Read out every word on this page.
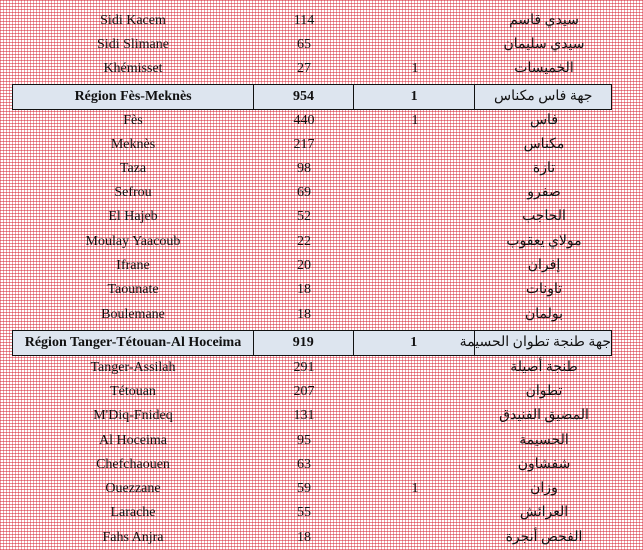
Sidi Kacem	114	سيدي قاسم
Sidi Slimane	65	سيدي سليمان
Khémisset	27	1	الخميسات
Région Fès-Meknès	954	1	جهة فاس مكناس
Fès	440	1	فاس
Meknès	217	مكناس
Taza	98	تازة
Sefrou	69	صفرو
El Hajeb	52	الحاجب
Moulay Yaacoub	22	مولاي يعقوب
Ifrane	20	إفران
Taounate	18	تاونات
Boulemane	18	بولمان
Région Tanger-Tétouan-Al Hoceima	919	1	جهة طنجة تطوان الحسيمة
Tanger-Assilah	291	طنجة أصيلة
Tétouan	207	تطوان
M'Diq-Fnideq	131	المضيق الفنيدق
Al Hoceima	95	الحسيمة
Chefchaouen	63	شفشاون
Ouezzane	59	1	وزان
Larache	55	العرائش
Fahs Anjra	18	الفحص أنجرة
